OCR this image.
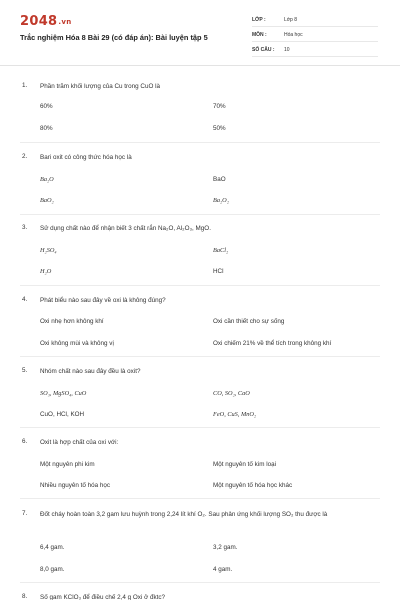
2048.vn
Trắc nghiệm Hóa 8 Bài 29 (có đáp án): Bài luyện tập 5
LỚP :	Lớp 8
MÔN :	Hóa học
SỐ CÂU : 10
1. Phần trăm khối lượng của Cu trong CuO là
60%	70%
80%	50%
2. Bari oxit có công thức hóa học là
Ba₂O	BaO
BaO₂	Ba₂O₂
3. Sử dụng chất nào để nhận biết 3 chất rắn Na₂O, Al₂O₃, MgO.
H₂SO₄	BaCl₂
H₂O	HCl
4. Phát biểu nào sau đây về oxi là không đúng?
Oxi nhẹ hơn không khí	Oxi cần thiết cho sự sống
Oxi không mùi và không vị	Oxi chiếm 21% về thể tích trong không khí
5. Nhóm chất nào sau đây đều là oxit?
SO₃, MgSO₄, CuO	CO, SO₂, CaO
CuO, HCl, KOH	FeO, CuS, MnO₂
6. Oxit là hợp chất của oxi với:
Một nguyên phi kim	Một nguyên tố kim loại
Nhiều nguyên tố hóa học	Một nguyên tố hóa học khác
7. Đốt cháy hoàn toàn 3,2 gam lưu huỳnh trong 2,24 lít khí O₂. Sau phản ứng khối lượng SO₂ thu được là
6,4 gam.	3,2 gam.
8,0 gam.	4 gam.
8. Số gam KClO₃ để điều chế 2,4 g Oxi ở đktc?
